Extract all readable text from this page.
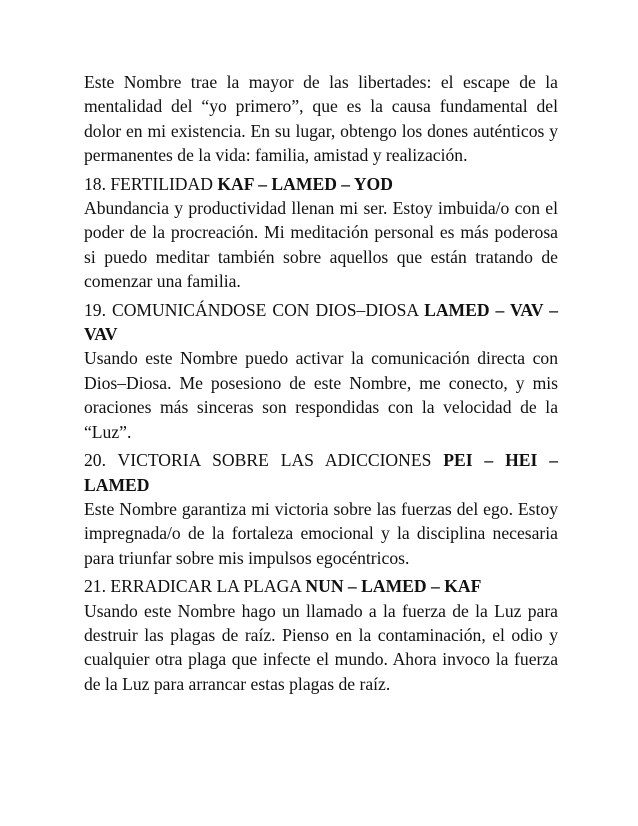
Este Nombre trae la mayor de las libertades: el escape de la mentalidad del “yo primero”, que es la causa fundamental del dolor en mi existencia. En su lugar, obtengo los dones auténticos y permanentes de la vida: familia, amistad y realización.

18. FERTILIDAD KAF – LAMED – YOD
Abundancia y productividad llenan mi ser. Estoy imbuida/o con el poder de la procreación. Mi meditación personal es más poderosa si puedo meditar también sobre aquellos que están tratando de comenzar una familia.

19. COMUNICÁNDOSE CON DIOS–DIOSA LAMED – VAV – VAV
Usando este Nombre puedo activar la comunicación directa con Dios–Diosa. Me posesiono de este Nombre, me conecto, y mis oraciones más sinceras son respondidas con la velocidad de la “Luz”.

20. VICTORIA SOBRE LAS ADICCIONES PEI – HEI – LAMED
Este Nombre garantiza mi victoria sobre las fuerzas del ego. Estoy impregnada/o de la fortaleza emocional y la disciplina necesaria para triunfar sobre mis impulsos egocéntricos.

21. ERRADICAR LA PLAGA NUN – LAMED – KAF
Usando este Nombre hago un llamado a la fuerza de la Luz para destruir las plagas de raíz. Pienso en la contaminación, el odio y cualquier otra plaga que infecte el mundo. Ahora invoco la fuerza de la Luz para arrancar estas plagas de raíz.
